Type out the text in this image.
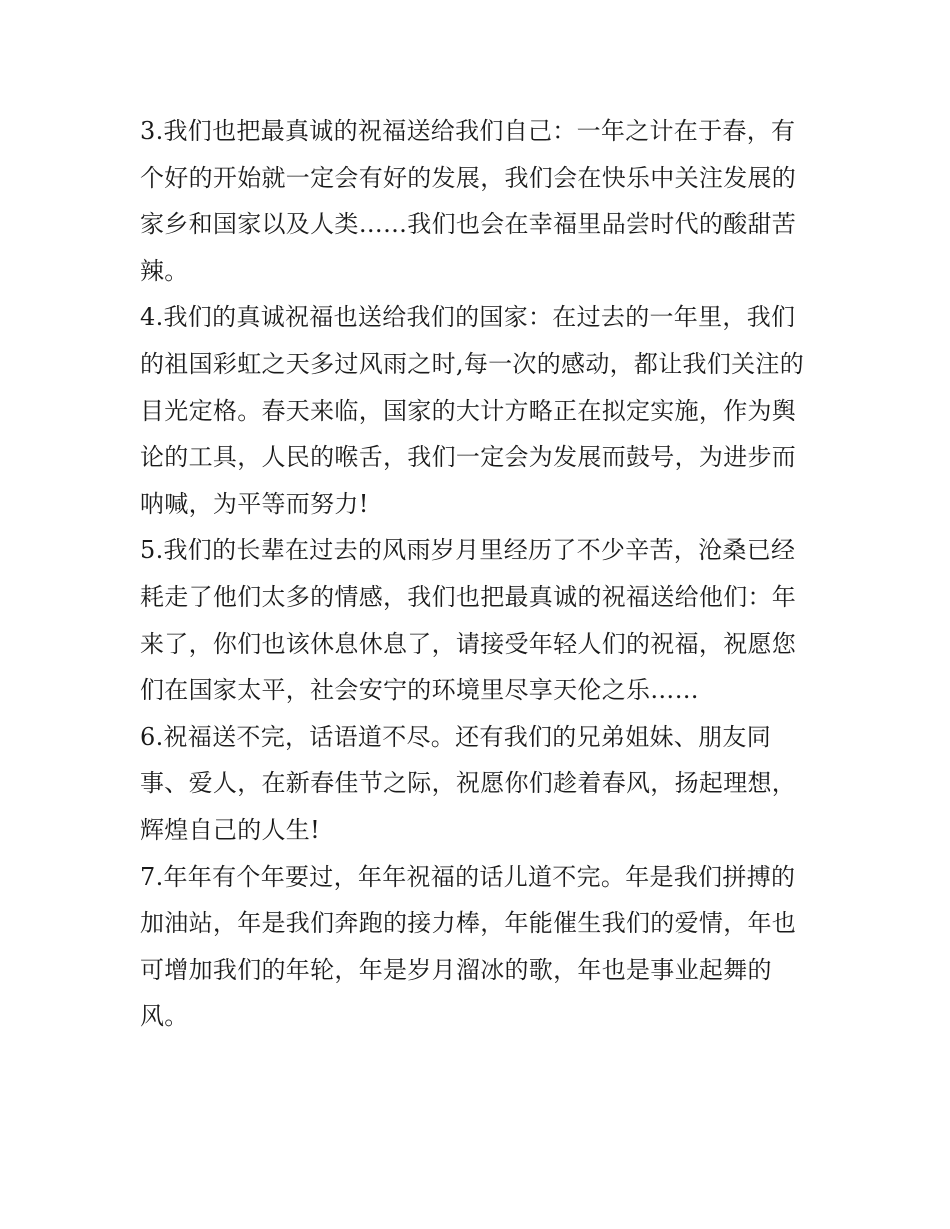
3.我们也把最真诚的祝福送给我们自己：一年之计在于春，有个好的开始就一定会有好的发展，我们会在快乐中关注发展的家乡和国家以及人类……我们也会在幸福里品尝时代的酸甜苦辣。

4.我们的真诚祝福也送给我们的国家：在过去的一年里，我们的祖国彩虹之天多过风雨之时,每一次的感动，都让我们关注的目光定格。春天来临，国家的大计方略正在拟定实施，作为舆论的工具，人民的喉舌，我们一定会为发展而鼓号，为进步而呐喊，为平等而努力!

5.我们的长辈在过去的风雨岁月里经历了不少辛苦，沧桑已经耗走了他们太多的情感，我们也把最真诚的祝福送给他们：年来了，你们也该休息休息了，请接受年轻人们的祝福，祝愿您们在国家太平，社会安宁的环境里尽享天伦之乐……

6.祝福送不完，话语道不尽。还有我们的兄弟姐妹、朋友同事、爱人，在新春佳节之际，祝愿你们趁着春风，扬起理想，辉煌自己的人生!

7.年年有个年要过，年年祝福的话儿道不完。年是我们拼搏的加油站，年是我们奔跑的接力棒，年能催生我们的爱情，年也可增加我们的年轮，年是岁月溜冰的歌，年也是事业起舞的风。
